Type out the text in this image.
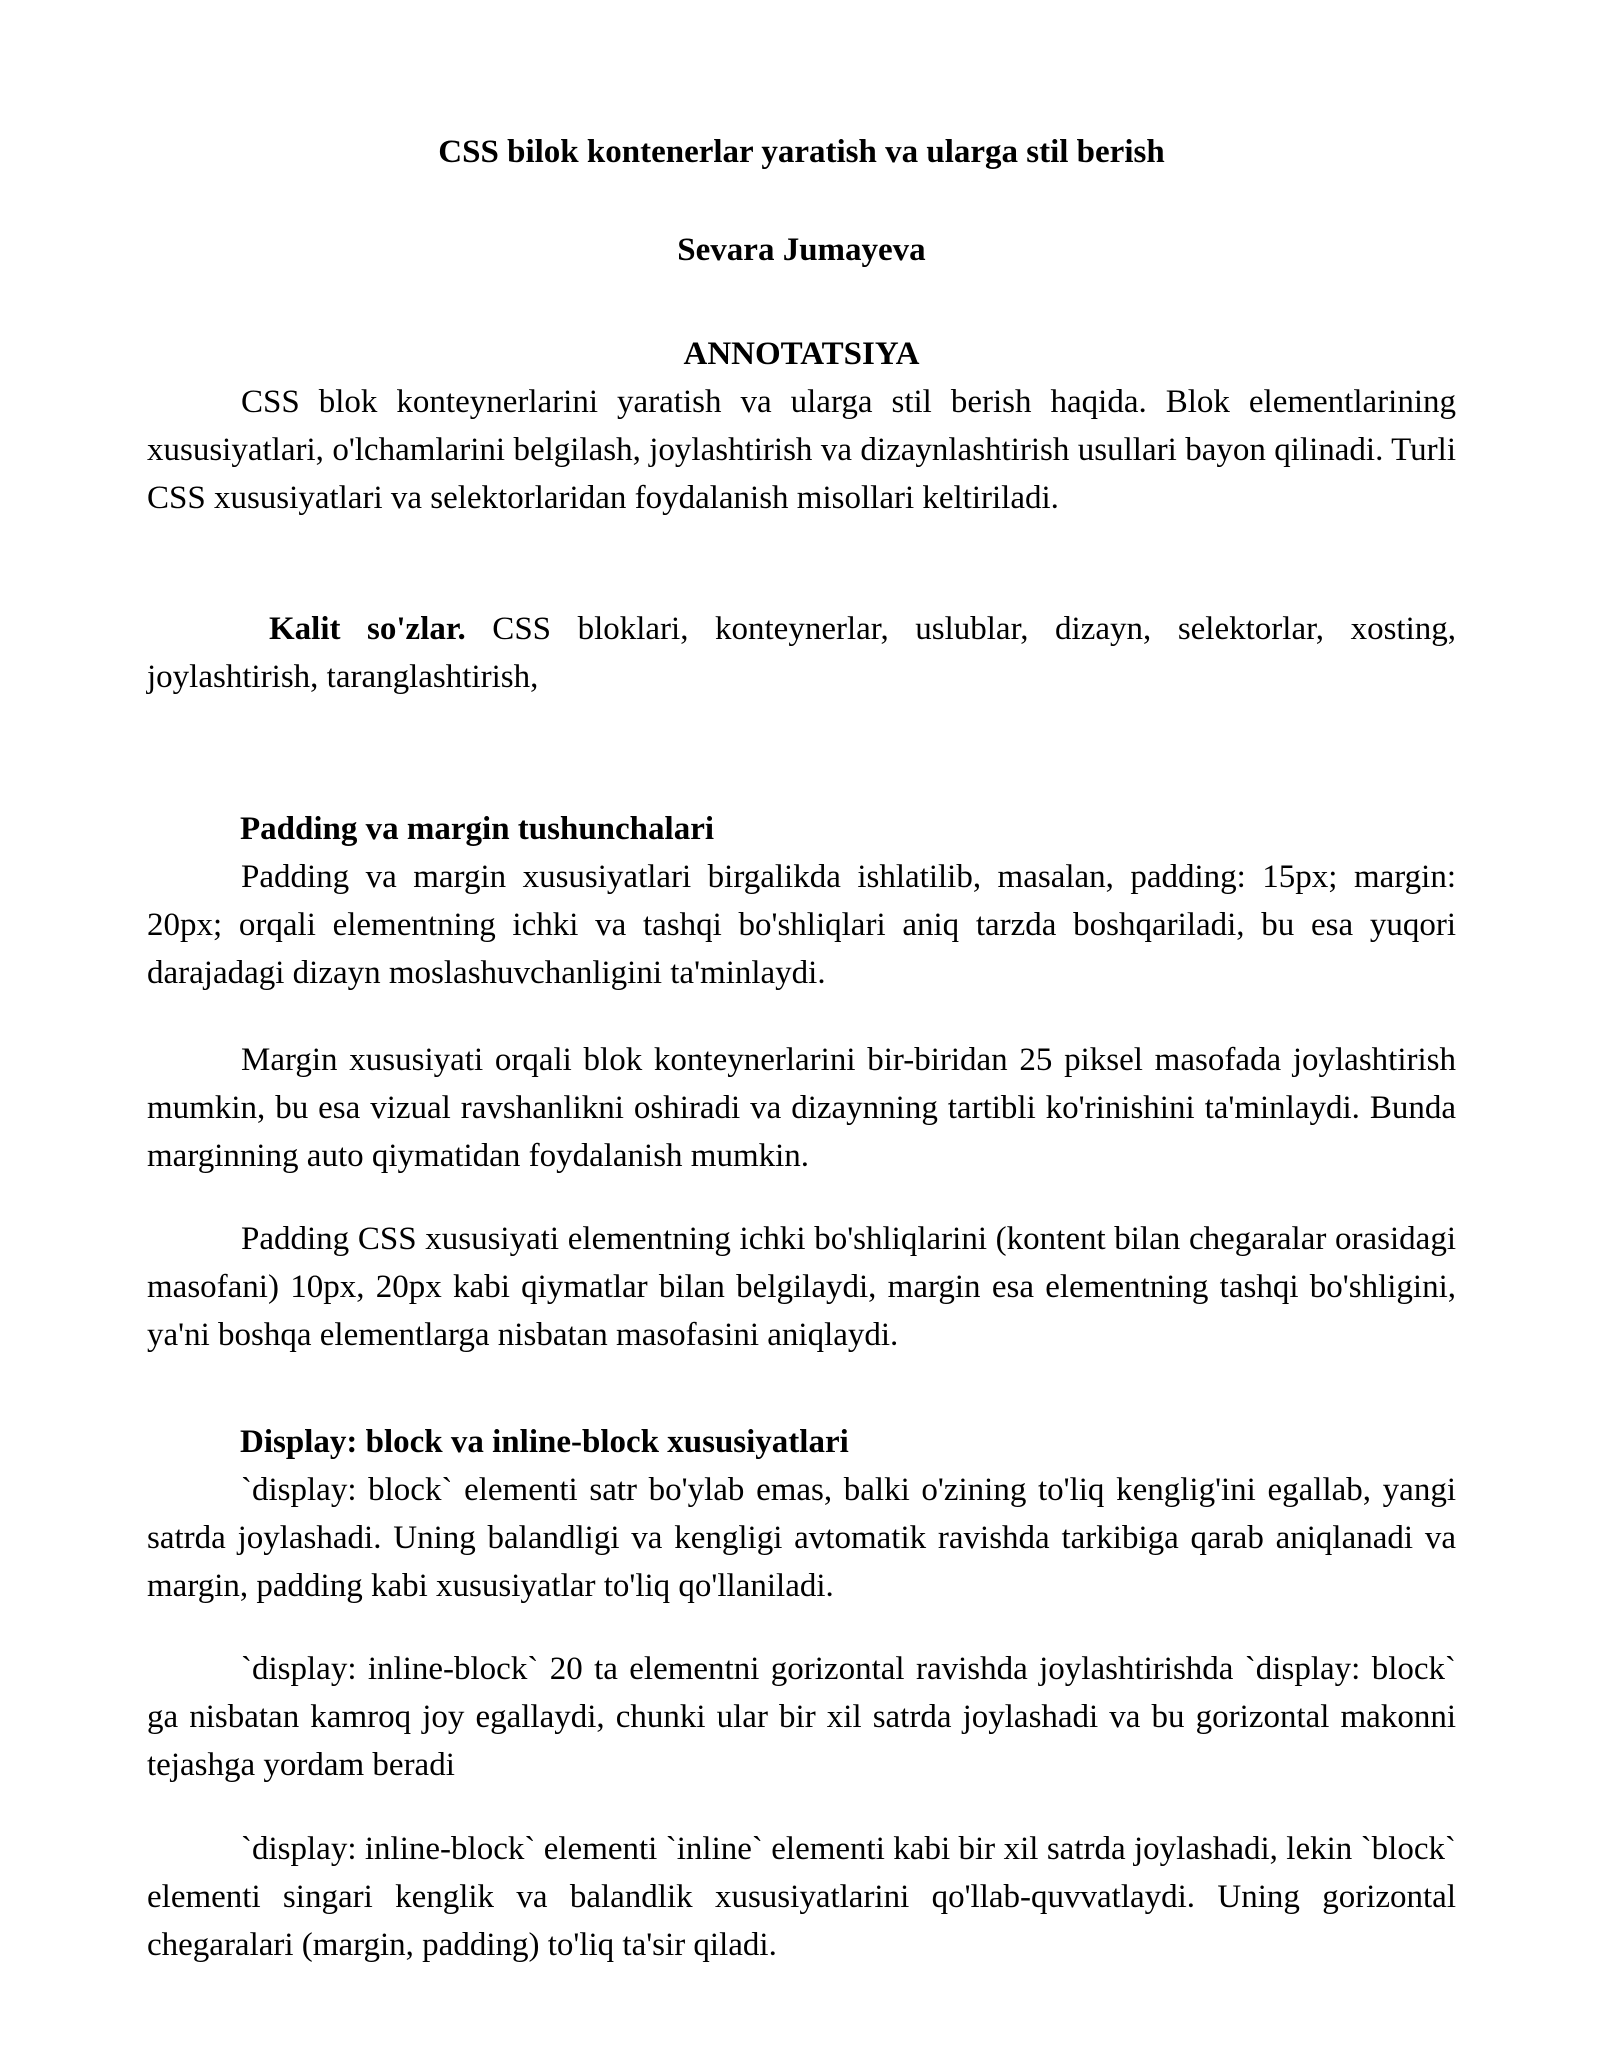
CSS bilok kontenerlar yaratish va ularga stil berish
Sevara Jumayeva
ANNOTATSIYA

CSS blok konteynerlarini yaratish va ularga stil berish haqida. Blok elementlarining xususiyatlari, o'lchamlarini belgilash, joylashtirish va dizaynlashtirish usullari bayon qilinadi. Turli CSS xususiyatlari va selektorlaridan foydalanish misollari keltiriladi.

Kalit so'zlar. CSS bloklari, konteynerlar, uslublar, dizayn, selektorlar, xosting, joylashtirish, taranglashtirish,

Padding va margin tushunchalari

Padding va margin xususiyatlari birgalikda ishlatilib, masalan, padding: 15px; margin: 20px; orqali elementning ichki va tashqi bo'shliqlari aniq tarzda boshqariladi, bu esa yuqori darajadagi dizayn moslashuvchanligini ta'minlaydi.

Margin xususiyati orqali blok konteynerlarini bir-biridan 25 piksel masofada joylashtirish mumkin, bu esa vizual ravshanlikni oshiradi va dizaynning tartibli ko'rinishini ta'minlaydi. Bunda marginning auto qiymatidan foydalanish mumkin.

Padding CSS xususiyati elementning ichki bo'shliqlarini (kontent bilan chegaralar orasidagi masofani) 10px, 20px kabi qiymatlar bilan belgilaydi, margin esa elementning tashqi bo'shligini, ya'ni boshqa elementlarga nisbatan masofasini aniqlaydi.

Display: block va inline-block xususiyatlari

`display: block` elementi satr bo'ylab emas, balki o'zining to'liq kenglig'ini egallab, yangi satrda joylashadi. Uning balandligi va kengligi avtomatik ravishda tarkibiga qarab aniqlanadi va margin, padding kabi xususiyatlar to'liq qo'llaniladi.

`display: inline-block` 20 ta elementni gorizontal ravishda joylashtirishda `display: block` ga nisbatan kamroq joy egallaydi, chunki ular bir xil satrda joylashadi va bu gorizontal makonni tejashga yordam beradi

`display: inline-block` elementi `inline` elementi kabi bir xil satrda joylashadi, lekin `block` elementi singari kenglik va balandlik xususiyatlarini qo'llab-quvvatlaydi. Uning gorizontal chegaralari (margin, padding) to'liq ta'sir qiladi.
